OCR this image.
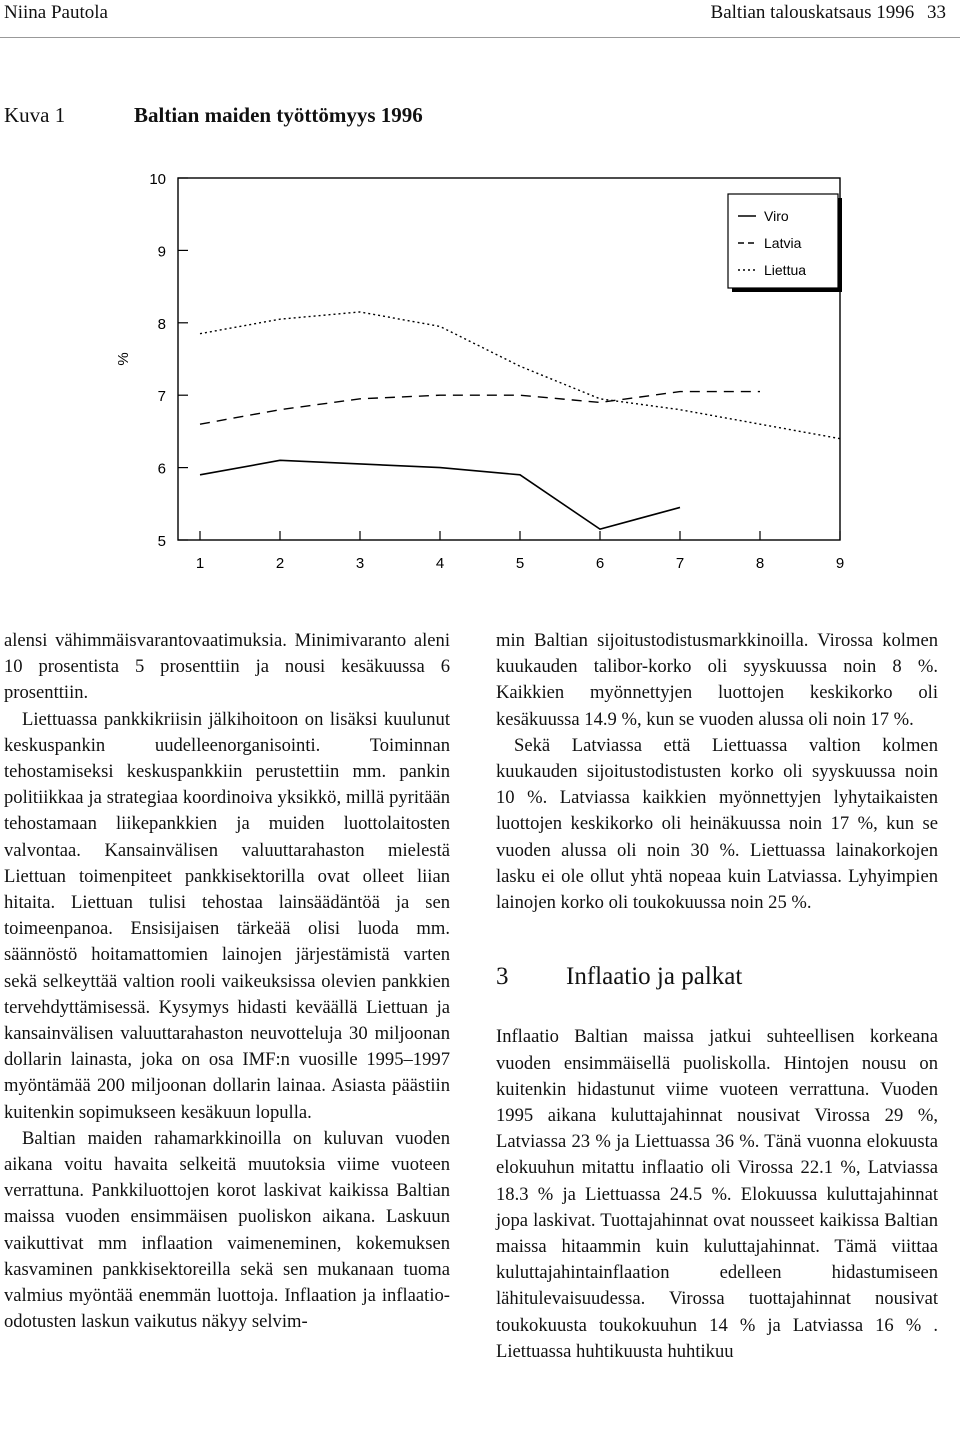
Niina Pautola	Baltian talouskatsaus 1996 33
Kuva 1	Baltian maiden työttömyys 1996
5
6
7
8
9
10
1	2	3	4	5	6	7	8	9
%
Viro
Latvia
Liettua

alensi vähimmäisvarantovaatimuksia. Minimivaranto aleni 10 prosentista 5 prosenttiin ja nousi kesäkuussa 6 prosenttiin.

Liettuassa pankkikriisin jälkihoitoon on lisäksi kuulunut keskuspankin uudelleenorganisointi. Toiminnan tehostamiseksi keskuspankkiin perustettiin mm. pankin politiikkaa ja strategiaa koordinoiva yksikkö, millä pyritään tehostamaan liikepankkien ja muiden luottolaitosten valvontaa. Kansainvälisen valuuttarahaston mielestä Liettuan toimenpiteet pankkisektorilla ovat olleet liian hitaita. Liettuan tulisi tehostaa lainsäädäntöä ja sen toimeenpanoa. Ensisijaisen tärkeää olisi luoda mm. säännöstö hoitamattomien lainojen järjestämistä varten sekä selkeyttää valtion rooli vaikeuksissa olevien pankkien tervehdyttämisessä. Kysymys hidasti keväällä Liettuan ja kansainvälisen valuuttarahaston neuvotteluja 30 miljoonan dollarin lainasta, joka on osa IMF:n vuosille 1995–1997 myöntämää 200 miljoonan dollarin lainaa. Asiasta päästiin kuitenkin sopimukseen kesäkuun lopulla.

Baltian maiden rahamarkkinoilla on kuluvan vuoden aikana voitu havaita selkeitä muutoksia viime vuoteen verrattuna. Pankkiluottojen korot laskivat kaikissa Baltian maissa vuoden ensimmäisen puoliskon aikana. Laskuun vaikuttivat mm inflaation vaimeneminen, kokemuksen kasvaminen pankkisektoreilla sekä sen mukanaan tuoma valmius myöntää enemmän luottoja. Inflaation ja inflaatio-odotusten laskun vaikutus näkyy selvim-

min Baltian sijoitustodistusmarkkinoilla. Virossa kolmen kuukauden talibor-korko oli syyskuussa noin 8 %. Kaikkien myönnettyjen luottojen keskikorko oli kesäkuussa 14.9 %, kun se vuoden alussa oli noin 17 %.

Sekä Latviassa että Liettuassa valtion kolmen kuukauden sijoitustodistusten korko oli syyskuussa noin 10 %. Latviassa kaikkien myönnettyjen lyhytaikaisten luottojen keskikorko oli heinäkuussa noin 17 %, kun se vuoden alussa oli noin 30 %. Liettuassa lainakorkojen lasku ei ole ollut yhtä nopeaa kuin Latviassa. Lyhyimpien lainojen korko oli toukokuussa noin 25 %.

3 Inflaatio ja palkat

Inflaatio Baltian maissa jatkui suhteellisen korkeana vuoden ensimmäisellä puoliskolla. Hintojen nousu on kuitenkin hidastunut viime vuoteen verrattuna. Vuoden 1995 aikana kuluttajahinnat nousivat Virossa 29 %, Latviassa 23 % ja Liettuassa 36 %. Tänä vuonna elokuusta elokuuhun mitattu inflaatio oli Virossa 22.1 %, Latviassa 18.3 % ja Liettuassa 24.5 %. Elokuussa kuluttajahinnat jopa laskivat. Tuottajahinnat ovat nousseet kaikissa Baltian maissa hitaammin kuin kuluttajahinnat. Tämä viittaa kuluttajahintainflaation edelleen hidastumiseen lähitulevaisuudessa. Virossa tuottajahinnat nousivat toukokuusta toukokuuhun 14 % ja Latviassa 16 % . Liettuassa huhtikuusta huhtikuu
